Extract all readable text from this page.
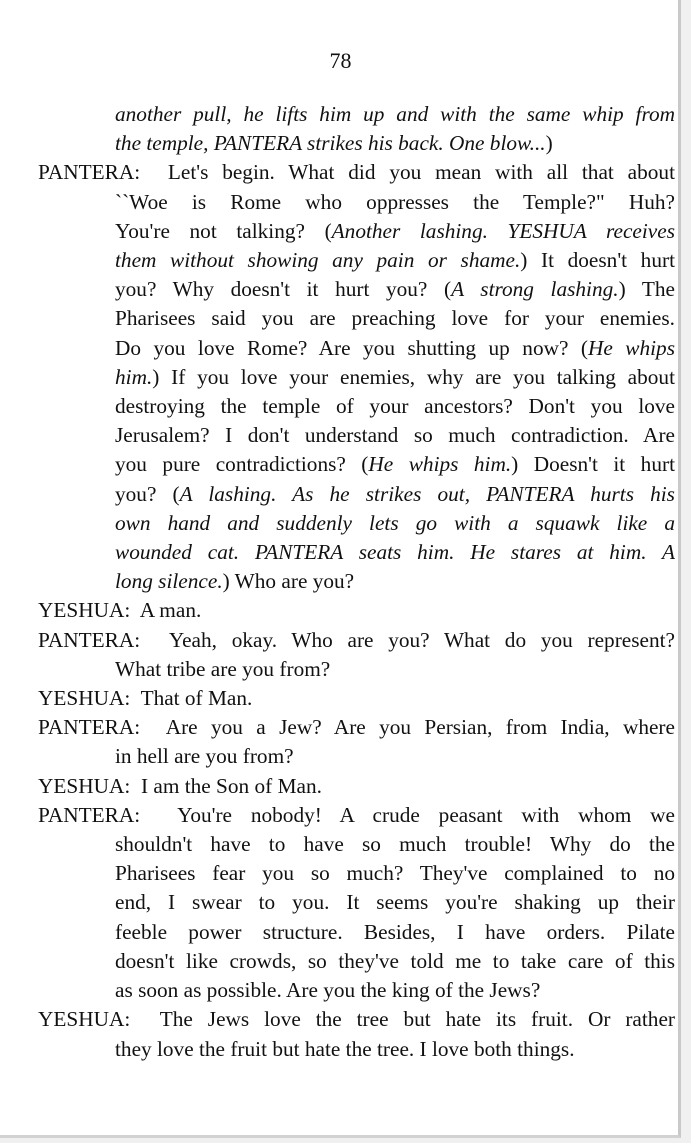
78
another pull, he lifts him up and with the same whip from
the temple, PANTERA strikes his back. One blow...)
PANTERA: Let's begin. What did you mean with all that about
``Woe is Rome who oppresses the Temple?" Huh?
You're not talking? (Another lashing. YESHUA receives
them without showing any pain or shame.) It doesn't hurt
you? Why doesn't it hurt you? (A strong lashing.) The
Pharisees said you are preaching love for your enemies.
Do you love Rome? Are you shutting up now? (He whips
him.) If you love your enemies, why are you talking about
destroying the temple of your ancestors? Don't you love
Jerusalem? I don't understand so much contradiction. Are
you pure contradictions? (He whips him.) Doesn't it hurt
you? (A lashing. As he strikes out, PANTERA hurts his
own hand and suddenly lets go with a squawk like a
wounded cat. PANTERA seats him. He stares at him. A
long silence.) Who are you?
YESHUA: A man.
PANTERA: Yeah, okay. Who are you? What do you represent?
What tribe are you from?
YESHUA: That of Man.
PANTERA: Are you a Jew? Are you Persian, from India, where
in hell are you from?
YESHUA: I am the Son of Man.
PANTERA: You're nobody! A crude peasant with whom we
shouldn't have to have so much trouble! Why do the
Pharisees fear you so much? They've complained to no
end, I swear to you. It seems you're shaking up their
feeble power structure. Besides, I have orders. Pilate
doesn't like crowds, so they've told me to take care of this
as soon as possible. Are you the king of the Jews?
YESHUA: The Jews love the tree but hate its fruit. Or rather
they love the fruit but hate the tree. I love both things.
